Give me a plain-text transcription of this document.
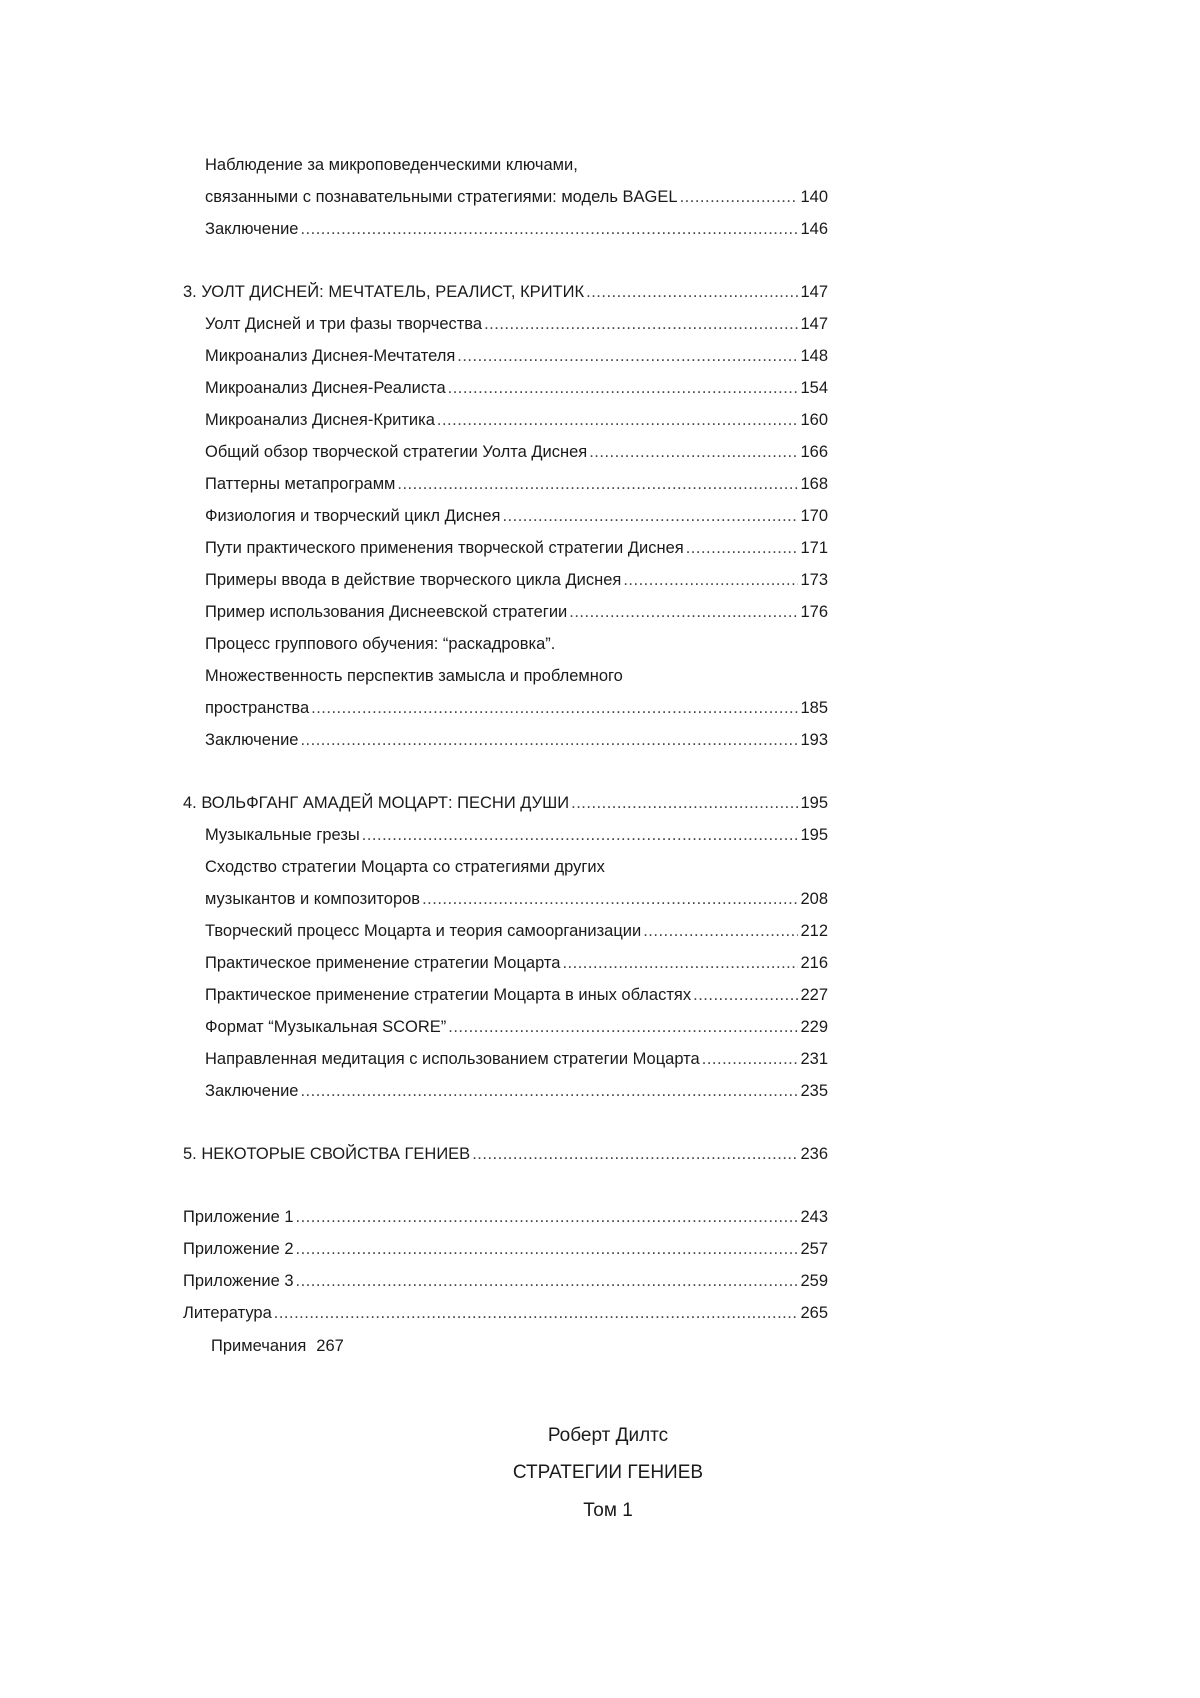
Наблюдение за микроповеденческими ключами,
связанными с познавательными стратегиями: модель BAGEL .....	140
Заключение .....	146
3. УОЛТ ДИСНЕЙ: МЕЧТАТЕЛЬ, РЕАЛИСТ, КРИТИК .....	147
Уолт Дисней и три фазы творчества .....	147
Микроанализ Диснея-Мечтателя .....	148
Микроанализ Диснея-Реалиста .....	154
Микроанализ Диснея-Критика .....	160
Общий обзор творческой стратегии Уолта Диснея .....	166
Паттерны метапрограмм .....	168
Физиология и творческий цикл Диснея .....	170
Пути практического применения творческой стратегии Диснея .....	171
Примеры ввода в действие творческого цикла Диснея .....	173
Пример использования Диснеевской стратегии .....	176
Процесс группового обучения: “раскадровка”.
Множественность перспектив замысла и проблемного
пространства .....	185
Заключение .....	193
4. ВОЛЬФГАНГ АМАДЕЙ МОЦАРТ: ПЕСНИ ДУШИ .....	195
Музыкальные грезы .....	195
Сходство стратегии Моцарта со стратегиями других
музыкантов и композиторов .....	208
Творческий процесс Моцарта и теория самоорганизации .....	212
Практическое применение стратегии Моцарта .....	216
Практическое применение стратегии Моцарта в иных областях .....	227
Формат “Музыкальная SCORE” .....	229
Направленная медитация с использованием стратегии Моцарта .....	231
Заключение .....	235
5. НЕКОТОРЫЕ СВОЙСТВА ГЕНИЕВ .....	236
Приложение 1 .....	243
Приложение 2 .....	257
Приложение 3 .....	259
Литература .....	265
Примечания 267
Роберт Дилтс
СТРАТЕГИИ ГЕНИЕВ
Том 1
